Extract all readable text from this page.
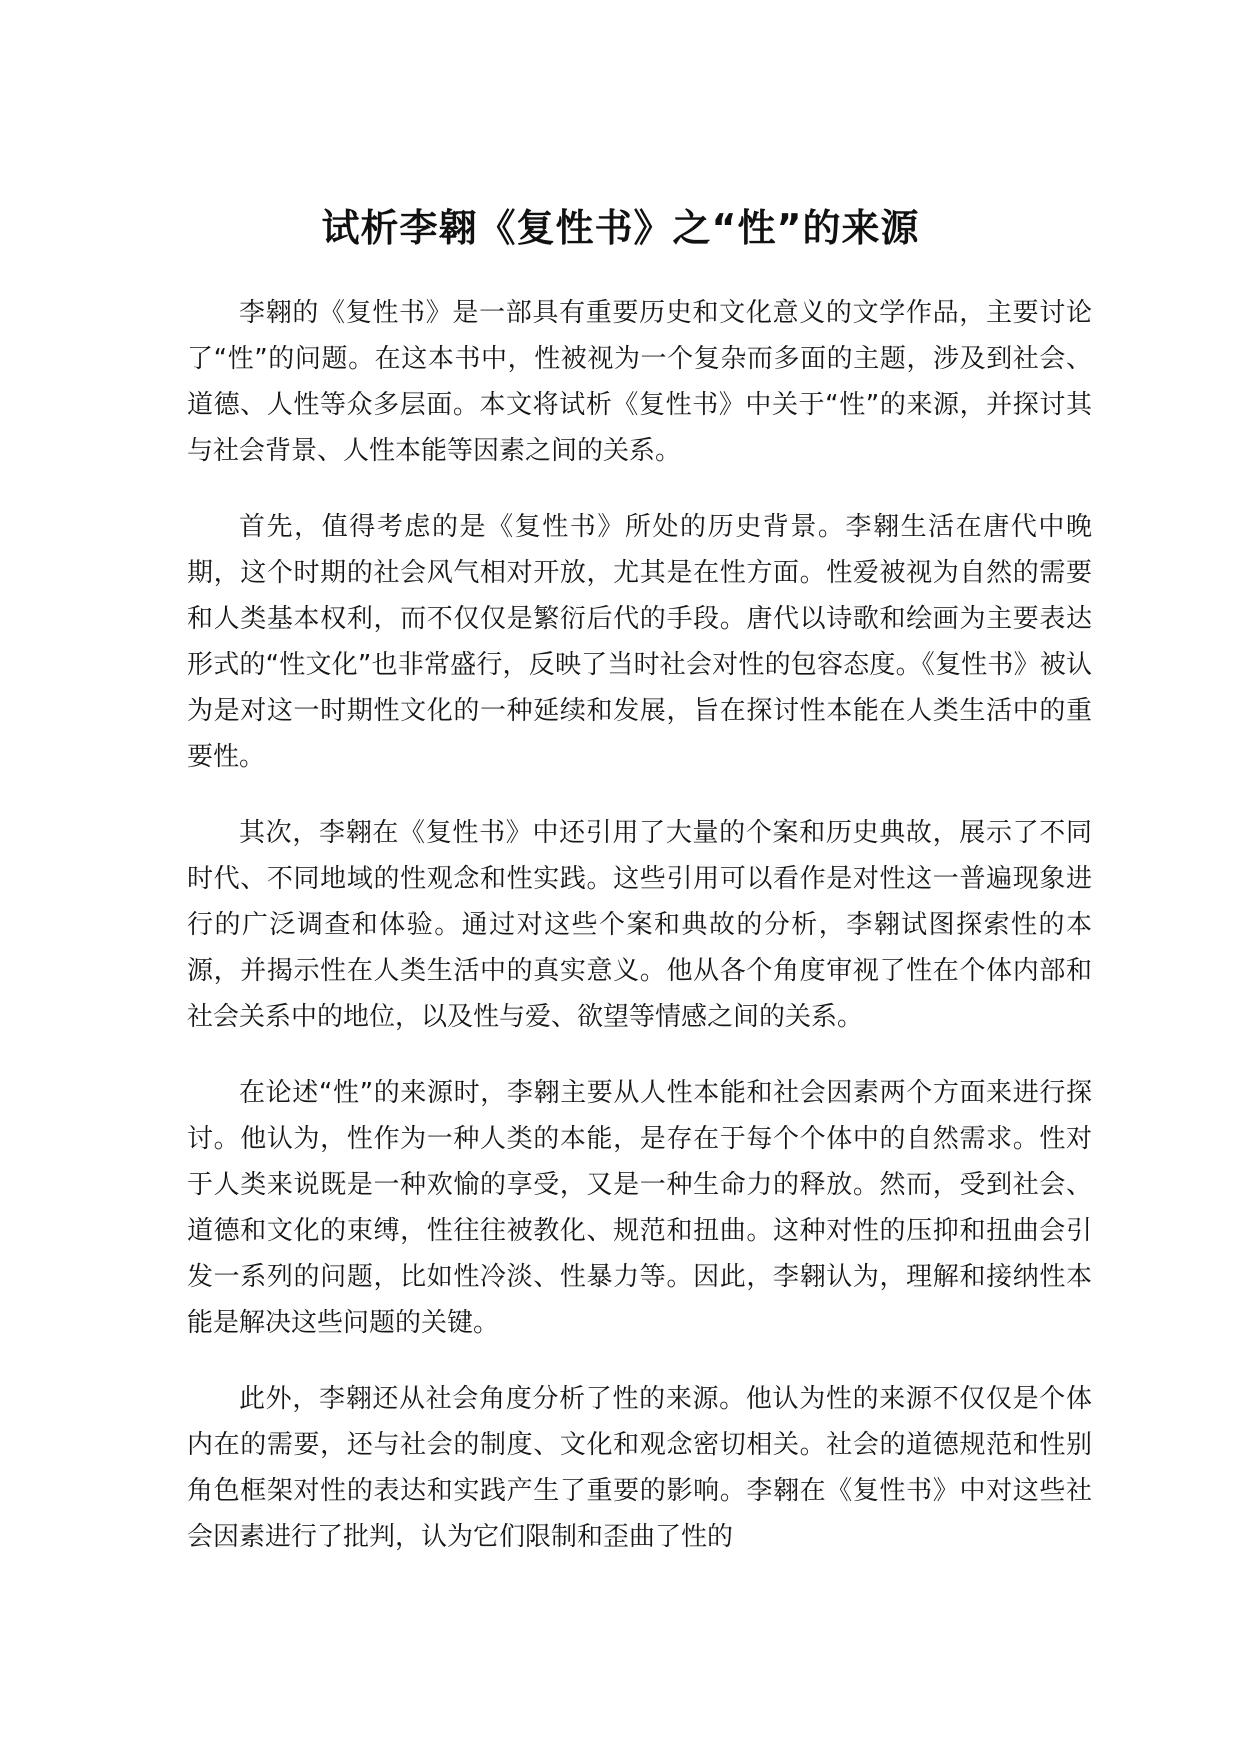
试析李翱《复性书》之“性”的来源

李翱的《复性书》是一部具有重要历史和文化意义的文学作品，主要讨论了“性”的问题。在这本书中，性被视为一个复杂而多面的主题，涉及到社会、道德、人性等众多层面。本文将试析《复性书》中关于“性”的来源，并探讨其与社会背景、人性本能等因素之间的关系。

首先，值得考虑的是《复性书》所处的历史背景。李翱生活在唐代中晚期，这个时期的社会风气相对开放，尤其是在性方面。性爱被视为自然的需要和人类基本权利，而不仅仅是繁衍后代的手段。唐代以诗歌和绘画为主要表达形式的“性文化”也非常盛行，反映了当时社会对性的包容态度。《复性书》被认为是对这一时期性文化的一种延续和发展，旨在探讨性本能在人类生活中的重要性。

其次，李翱在《复性书》中还引用了大量的个案和历史典故，展示了不同时代、不同地域的性观念和性实践。这些引用可以看作是对性这一普遍现象进行的广泛调查和体验。通过对这些个案和典故的分析，李翱试图探索性的本源，并揭示性在人类生活中的真实意义。他从各个角度审视了性在个体内部和社会关系中的地位，以及性与爱、欲望等情感之间的关系。

在论述“性”的来源时，李翱主要从人性本能和社会因素两个方面来进行探讨。他认为，性作为一种人类的本能，是存在于每个个体中的自然需求。性对于人类来说既是一种欢愉的享受，又是一种生命力的释放。然而，受到社会、道德和文化的束缚，性往往被教化、规范和扭曲。这种对性的压抑和扭曲会引发一系列的问题，比如性冷淡、性暴力等。因此，李翱认为，理解和接纳性本能是解决这些问题的关键。

此外，李翱还从社会角度分析了性的来源。他认为性的来源不仅仅是个体内在的需要，还与社会的制度、文化和观念密切相关。社会的道德规范和性别角色框架对性的表达和实践产生了重要的影响。李翱在《复性书》中对这些社会因素进行了批判，认为它们限制和歪曲了性的
